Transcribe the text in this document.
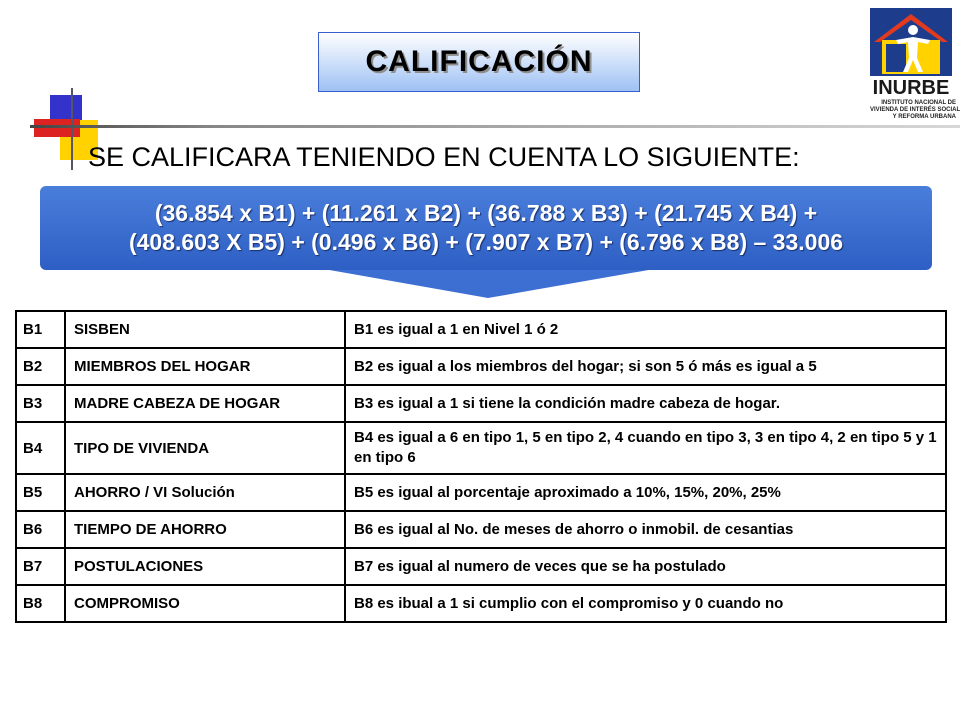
CALIFICACIÓN
INURBE
INSTITUTO NACIONAL DE
VIVIENDA DE INTERÉS SOCIAL
Y REFORMA URBANA
SE CALIFICARA TENIENDO EN CUENTA LO SIGUIENTE:
(36.854 x B1) + (11.261 x B2) + (36.788 x B3) + (21.745 X B4) +
(408.603 X B5) + (0.496 x B6) + (7.907 x B7) + (6.796 x B8) – 33.006
B1	SISBEN	B1 es igual a 1 en Nivel 1 ó 2
B2	MIEMBROS DEL HOGAR	B2 es igual a los miembros del hogar; si son 5 ó más es igual a 5
B3	MADRE CABEZA DE HOGAR	B3 es igual a 1 si tiene la condición madre cabeza de hogar.
B4	TIPO DE VIVIENDA	B4 es igual a 6 en tipo 1, 5 en tipo 2, 4 cuando en tipo 3, 3 en tipo 4, 2 en tipo 5 y 1 en tipo 6
B5	AHORRO / VI Solución	B5 es igual al porcentaje aproximado a 10%, 15%, 20%, 25%
B6	TIEMPO DE AHORRO	B6 es igual al No. de meses de ahorro o inmobil. de cesantias
B7	POSTULACIONES	B7 es igual al numero de veces que se ha postulado
B8	COMPROMISO	B8 es ibual a 1 si cumplio con el compromiso y 0 cuando no
